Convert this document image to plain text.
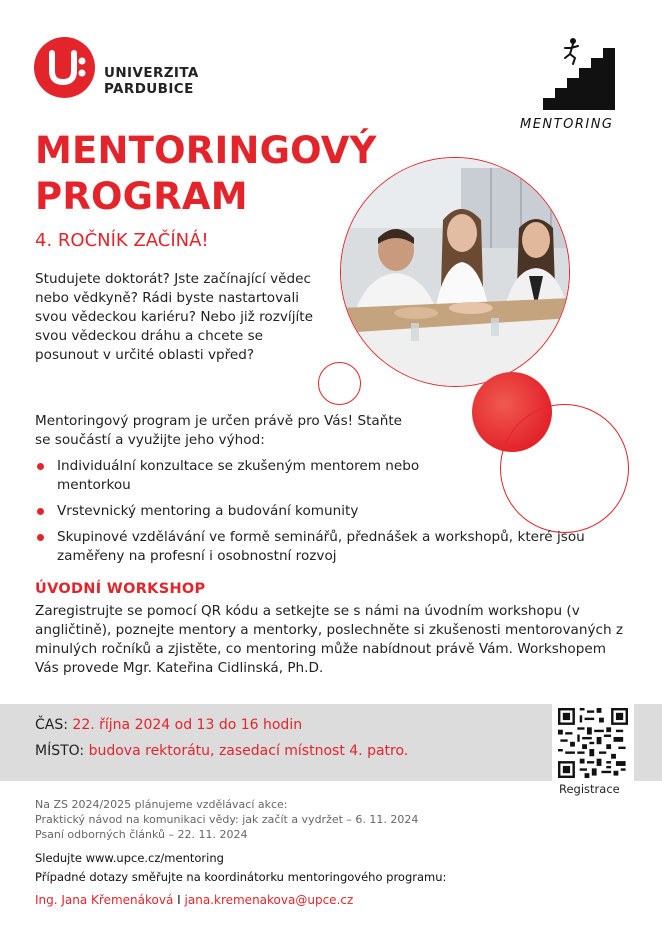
UNIVERZITA
PARDUBICE
MENTORING
MENTORINGOVÝ
PROGRAM
4. ROČNÍK ZAČÍNÁ!
Studujete doktorát? Jste začínající vědec nebo vědkyně? Rádi byste nastartovali svou vědeckou kariéru? Nebo již rozvíjíte svou vědeckou dráhu a chcete se posunout v určité oblasti vpřed?
Mentoringový program je určen právě pro Vás! Staňte se součástí a využijte jeho výhod:
Individuální konzultace se zkušeným mentorem nebo mentorkou
Vrstevnický mentoring a budování komunity
Skupinové vzdělávání ve formě seminářů, přednášek a workshopů, které jsou zaměřeny na profesní i osobnostní rozvoj
ÚVODNÍ WORKSHOP
Zaregistrujte se pomocí QR kódu a setkejte se s námi na úvodním workshopu (v angličtině), poznejte mentory a mentorky, poslechněte si zkušenosti mentorovaných z minulých ročníků a zjistěte, co mentoring může nabídnout právě Vám. Workshopem Vás provede Mgr. Kateřina Cidlinská, Ph.D.
ČAS: 22. října 2024 od 13 do 16 hodin
MÍSTO: budova rektorátu, zasedací místnost 4. patro.
Registrace
Na ZS 2024/2025 plánujeme vzdělávací akce:
Praktický návod na komunikaci vědy: jak začít a vydržet – 6. 11. 2024
Psaní odborných článků – 22. 11. 2024
Sledujte www.upce.cz/mentoring
Případné dotazy směřujte na koordinátorku mentoringového programu:
Ing. Jana Křemenáková I jana.kremenakova@upce.cz
